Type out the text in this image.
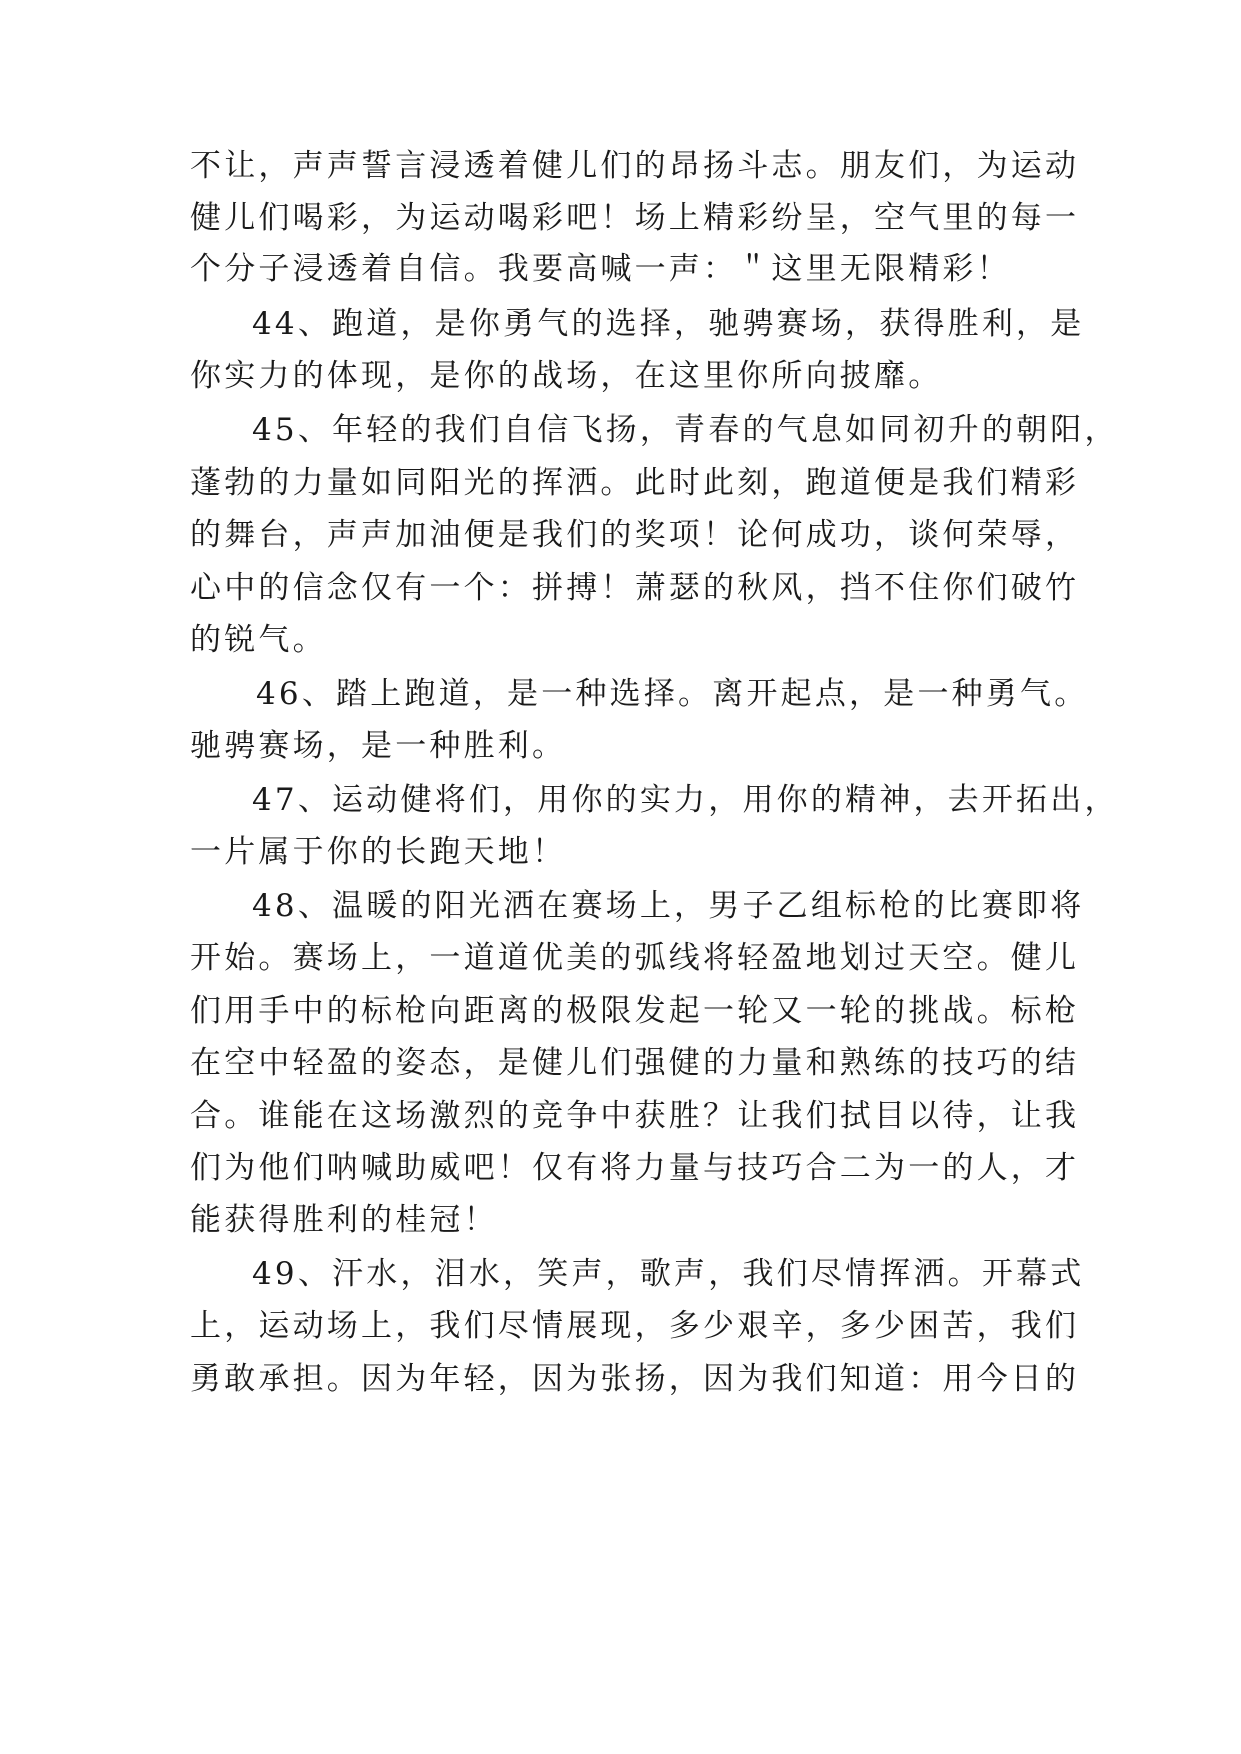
不让，声声誓言浸透着健儿们的昂扬斗志。朋友们，为运动
健儿们喝彩，为运动喝彩吧！场上精彩纷呈，空气里的每一
个分子浸透着自信。我要高喊一声：＂这里无限精彩！
44、跑道，是你勇气的选择，驰骋赛场，获得胜利，是
你实力的体现，是你的战场，在这里你所向披靡。
45、年轻的我们自信飞扬，青春的气息如同初升的朝阳，
蓬勃的力量如同阳光的挥洒。此时此刻，跑道便是我们精彩
的舞台，声声加油便是我们的奖项！论何成功，谈何荣辱，
心中的信念仅有一个：拼搏！萧瑟的秋风，挡不住你们破竹
的锐气。
46、踏上跑道，是一种选择。离开起点，是一种勇气。
驰骋赛场，是一种胜利。
47、运动健将们，用你的实力，用你的精神，去开拓出，
一片属于你的长跑天地！
48、温暖的阳光洒在赛场上，男子乙组标枪的比赛即将
开始。赛场上，一道道优美的弧线将轻盈地划过天空。健儿
们用手中的标枪向距离的极限发起一轮又一轮的挑战。标枪
在空中轻盈的姿态，是健儿们强健的力量和熟练的技巧的结
合。谁能在这场激烈的竞争中获胜？让我们拭目以待，让我
们为他们呐喊助威吧！仅有将力量与技巧合二为一的人，才
能获得胜利的桂冠！
49、汗水，泪水，笑声，歌声，我们尽情挥洒。开幕式
上，运动场上，我们尽情展现，多少艰辛，多少困苦，我们
勇敢承担。因为年轻，因为张扬，因为我们知道：用今日的
